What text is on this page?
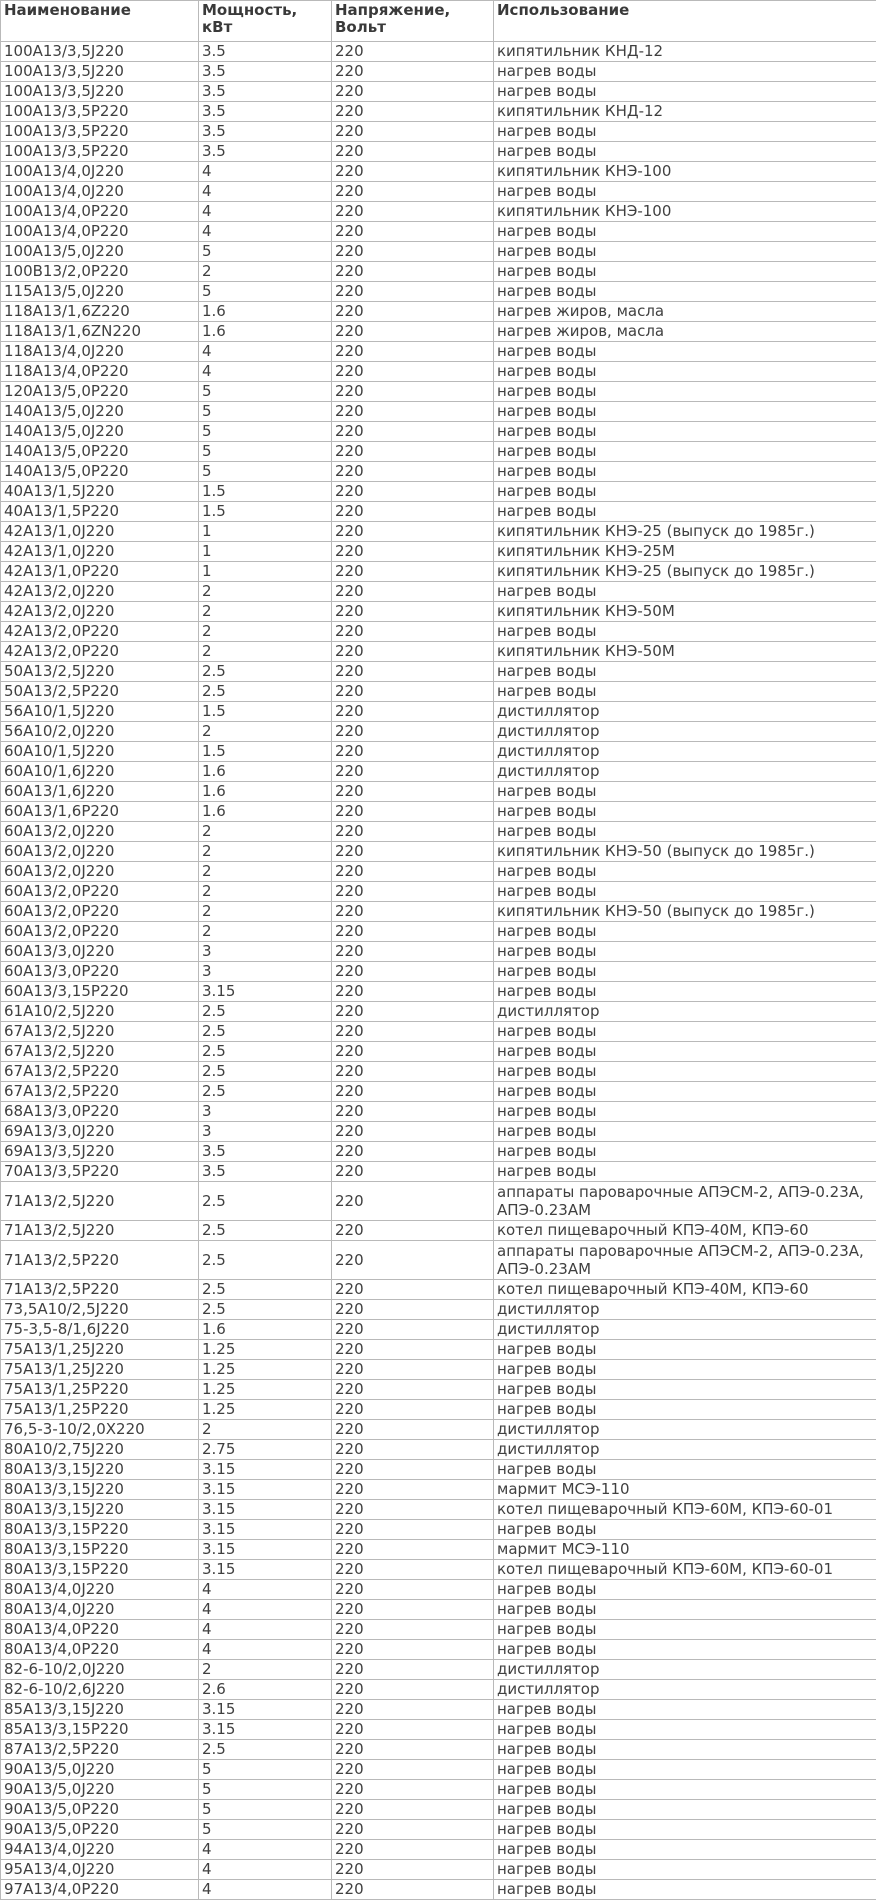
Наименование	Мощность, кВт	Напряжение, Вольт	Использование
100A13/3,5J220	3.5	220	кипятильник КНД-12
100A13/3,5J220	3.5	220	нагрев воды
100A13/3,5J220	3.5	220	нагрев воды
100A13/3,5P220	3.5	220	кипятильник КНД-12
100A13/3,5P220	3.5	220	нагрев воды
100A13/3,5P220	3.5	220	нагрев воды
100A13/4,0J220	4	220	кипятильник КНЭ-100
100A13/4,0J220	4	220	нагрев воды
100A13/4,0P220	4	220	кипятильник КНЭ-100
100A13/4,0P220	4	220	нагрев воды
100A13/5,0J220	5	220	нагрев воды
100B13/2,0P220	2	220	нагрев воды
115A13/5,0J220	5	220	нагрев воды
118A13/1,6Z220	1.6	220	нагрев жиров, масла
118A13/1,6ZN220	1.6	220	нагрев жиров, масла
118A13/4,0J220	4	220	нагрев воды
118A13/4,0P220	4	220	нагрев воды
120A13/5,0P220	5	220	нагрев воды
140A13/5,0J220	5	220	нагрев воды
140A13/5,0J220	5	220	нагрев воды
140A13/5,0P220	5	220	нагрев воды
140A13/5,0P220	5	220	нагрев воды
40A13/1,5J220	1.5	220	нагрев воды
40A13/1,5P220	1.5	220	нагрев воды
42A13/1,0J220	1	220	кипятильник КНЭ-25 (выпуск до 1985г.)
42A13/1,0J220	1	220	кипятильник КНЭ-25М
42A13/1,0P220	1	220	кипятильник КНЭ-25 (выпуск до 1985г.)
42A13/2,0J220	2	220	нагрев воды
42A13/2,0J220	2	220	кипятильник КНЭ-50М
42A13/2,0P220	2	220	нагрев воды
42A13/2,0P220	2	220	кипятильник КНЭ-50М
50A13/2,5J220	2.5	220	нагрев воды
50A13/2,5P220	2.5	220	нагрев воды
56A10/1,5J220	1.5	220	дистиллятор
56A10/2,0J220	2	220	дистиллятор
60A10/1,5J220	1.5	220	дистиллятор
60A10/1,6J220	1.6	220	дистиллятор
60A13/1,6J220	1.6	220	нагрев воды
60A13/1,6P220	1.6	220	нагрев воды
60A13/2,0J220	2	220	нагрев воды
60A13/2,0J220	2	220	кипятильник КНЭ-50 (выпуск до 1985г.)
60A13/2,0J220	2	220	нагрев воды
60A13/2,0P220	2	220	нагрев воды
60A13/2,0P220	2	220	кипятильник КНЭ-50 (выпуск до 1985г.)
60A13/2,0P220	2	220	нагрев воды
60A13/3,0J220	3	220	нагрев воды
60A13/3,0P220	3	220	нагрев воды
60A13/3,15P220	3.15	220	нагрев воды
61A10/2,5J220	2.5	220	дистиллятор
67A13/2,5J220	2.5	220	нагрев воды
67A13/2,5J220	2.5	220	нагрев воды
67A13/2,5P220	2.5	220	нагрев воды
67A13/2,5P220	2.5	220	нагрев воды
68A13/3,0P220	3	220	нагрев воды
69A13/3,0J220	3	220	нагрев воды
69A13/3,5J220	3.5	220	нагрев воды
70A13/3,5P220	3.5	220	нагрев воды
71A13/2,5J220	2.5	220	аппараты пароварочные АПЭСМ-2, АПЭ-0.23А, АПЭ-0.23АМ
71A13/2,5J220	2.5	220	котел пищеварочный КПЭ-40М, КПЭ-60
71A13/2,5P220	2.5	220	аппараты пароварочные АПЭСМ-2, АПЭ-0.23А, АПЭ-0.23АМ
71A13/2,5P220	2.5	220	котел пищеварочный КПЭ-40М, КПЭ-60
73,5A10/2,5J220	2.5	220	дистиллятор
75-3,5-8/1,6J220	1.6	220	дистиллятор
75A13/1,25J220	1.25	220	нагрев воды
75A13/1,25J220	1.25	220	нагрев воды
75A13/1,25P220	1.25	220	нагрев воды
75A13/1,25P220	1.25	220	нагрев воды
76,5-3-10/2,0X220	2	220	дистиллятор
80A10/2,75J220	2.75	220	дистиллятор
80A13/3,15J220	3.15	220	нагрев воды
80A13/3,15J220	3.15	220	мармит МСЭ-110
80A13/3,15J220	3.15	220	котел пищеварочный КПЭ-60М, КПЭ-60-01
80A13/3,15P220	3.15	220	нагрев воды
80A13/3,15P220	3.15	220	мармит МСЭ-110
80A13/3,15P220	3.15	220	котел пищеварочный КПЭ-60М, КПЭ-60-01
80A13/4,0J220	4	220	нагрев воды
80A13/4,0J220	4	220	нагрев воды
80A13/4,0P220	4	220	нагрев воды
80A13/4,0P220	4	220	нагрев воды
82-6-10/2,0J220	2	220	дистиллятор
82-6-10/2,6J220	2.6	220	дистиллятор
85A13/3,15J220	3.15	220	нагрев воды
85A13/3,15P220	3.15	220	нагрев воды
87A13/2,5P220	2.5	220	нагрев воды
90A13/5,0J220	5	220	нагрев воды
90A13/5,0J220	5	220	нагрев воды
90A13/5,0P220	5	220	нагрев воды
90A13/5,0P220	5	220	нагрев воды
94A13/4,0J220	4	220	нагрев воды
95A13/4,0J220	4	220	нагрев воды
97A13/4,0P220	4	220	нагрев воды
